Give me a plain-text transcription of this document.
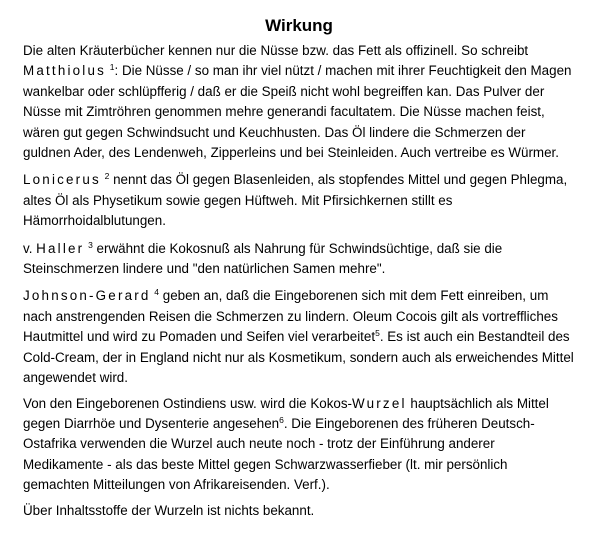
Wirkung

Die alten Kräuterbücher kennen nur die Nüsse bzw. das Fett als offizinell. So schreibt
Matthiolus $^1$: Die Nüsse / so man ihr viel nützt / machen mit ihrer Feuchtigkeit den Magen wankelbar oder schlüpfferig / daß er die Speiß nicht wohl begreiffen kan. Das Pulver der Nüsse mit Zimtröhren genommen mehre generandi facultatem. Die Nüsse machen feist, wären gut gegen Schwindsucht und Keuchhusten. Das Öl lindere die Schmerzen der guldnen Ader, des Lendenweh, Zipperleins und bei Steinleiden. Auch vertreibe es Würmer.

Lonicerus $^2$ nennt das Öl gegen Blasenleiden, als stopfendes Mittel und gegen Phlegma, altes Öl als Physetikum sowie gegen Hüftweh. Mit Pfirsichkernen stillt es Hämorrhoidalblutungen.

v. Haller $^3$ erwähnt die Kokosnuß als Nahrung für Schwindsüchtige, daß sie die Steinschmerzen lindere und "den natürlichen Samen mehre".

Johnson-Gerard $^4$ geben an, daß die Eingeborenen sich mit dem Fett einreiben, um nach anstrengenden Reisen die Schmerzen zu lindern. Oleum Cocois gilt als vortreffliches Hautmittel und wird zu Pomaden und Seifen viel verarbeitet$^5$. Es ist auch ein Bestandteil des Cold-Cream, der in England nicht nur als Kosmetikum, sondern auch als erweichendes Mittel angewendet wird.

Von den Eingeborenen Ostindiens usw. wird die Kokos-Wurzel hauptsächlich als Mittel gegen Diarrhöe und Dysenterie angesehen$^6$. Die Eingeborenen des früheren Deutsch-Ostafrika verwenden die Wurzel auch neute noch - trotz der Einführung anderer Medikamente - als das beste Mittel gegen Schwarzwasserfieber (lt. mir persönlich gemachten Mitteilungen von Afrikareisenden. Verf.).

Über Inhaltsstoffe der Wurzeln ist nichts bekannt.
